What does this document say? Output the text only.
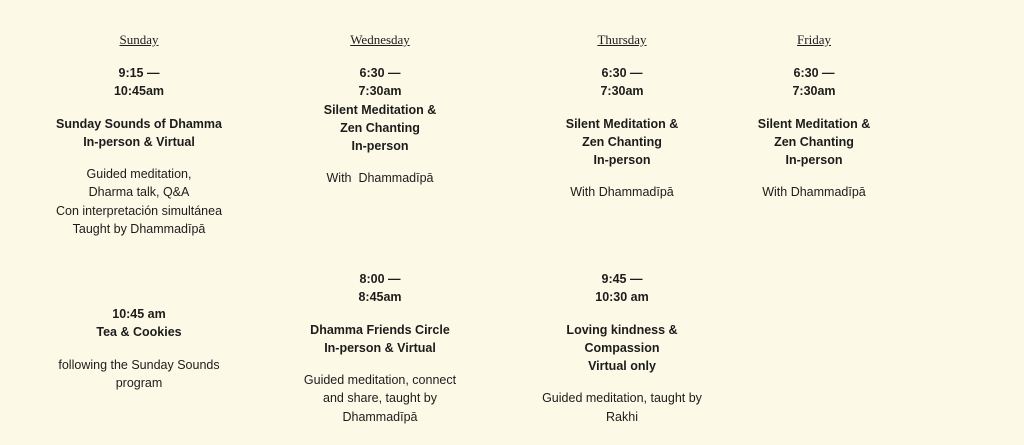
Sunday
9:15 —
10:45am
Sunday Sounds of Dhamma
In-person & Virtual
Guided meditation,
Dharma talk, Q&A
Con interpretación simultánea
Taught by Dhammadīpā
10:45 am
Tea & Cookies
following the Sunday Sounds
program
Wednesday
6:30 —
7:30am
Silent Meditation &
Zen Chanting
In-person
With  Dhammadīpā
8:00 —
8:45am
Dhamma Friends Circle
In-person & Virtual
Guided meditation, connect
and share, taught by
Dhammadīpā
Thursday
6:30 —
7:30am
Silent Meditation &
Zen Chanting
In-person
With Dhammadīpā
9:45 —
10:30 am
Loving kindness &
Compassion
Virtual only
Guided meditation, taught by
Rakhi
Friday
6:30 —
7:30am
Silent Meditation &
Zen Chanting
In-person
With Dhammadīpā
